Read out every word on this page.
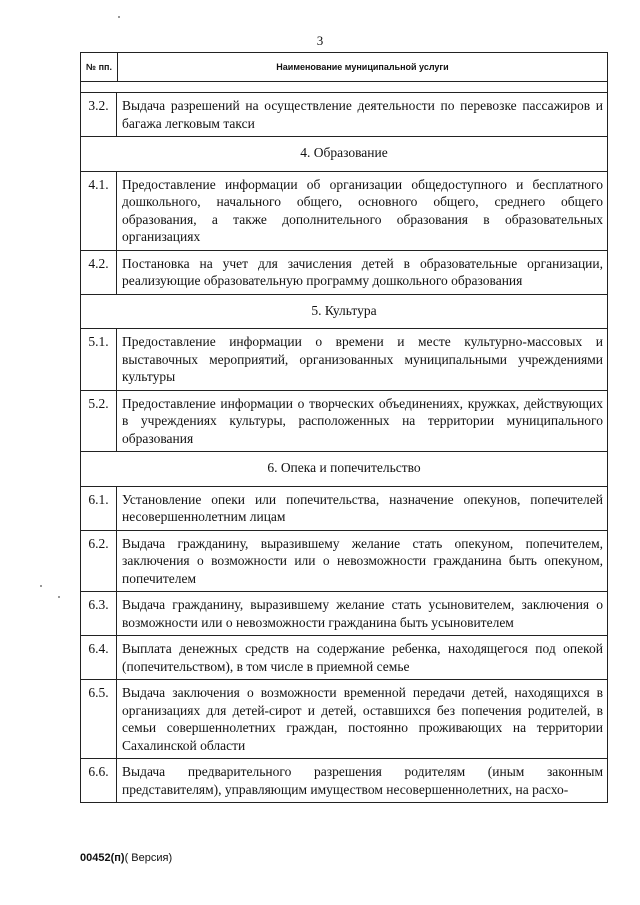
3
№ пп.	Наименование муниципальной услуги
3.2. Выдача разрешений на осуществление деятельности по перевозке пассажиров и багажа легковым такси
4. Образование
4.1. Предоставление информации об организации общедоступного и бесплатного дошкольного, начального общего, основного общего, среднего общего образования, а также дополнительного образования в образовательных организациях
4.2. Постановка на учет для зачисления детей в образовательные организации, реализующие образовательную программу дошкольного образования
5. Культура
5.1. Предоставление информации о времени и месте культурно-массовых и выставочных мероприятий, организованных муниципальными учреждениями культуры
5.2. Предоставление информации о творческих объединениях, кружках, действующих в учреждениях культуры, расположенных на территории муниципального образования
6. Опека и попечительство
6.1. Установление опеки или попечительства, назначение опекунов, попечителей несовершеннолетним лицам
6.2. Выдача гражданину, выразившему желание стать опекуном, попечителем, заключения о возможности или о невозможности гражданина быть опекуном, попечителем
6.3. Выдача гражданину, выразившему желание стать усыновителем, заключения о возможности или о невозможности гражданина быть усыновителем
6.4. Выплата денежных средств на содержание ребенка, находящегося под опекой (попечительством), в том числе в приемной семье
6.5. Выдача заключения о возможности временной передачи детей, находящихся в организациях для детей-сирот и детей, оставшихся без попечения родителей, в семьи совершеннолетних граждан, постоянно проживающих на территории Сахалинской области
6.6. Выдача предварительного разрешения родителям (иным законным представителям), управляющим имуществом несовершеннолетних, на расхо-
00452(п)( Версия)
